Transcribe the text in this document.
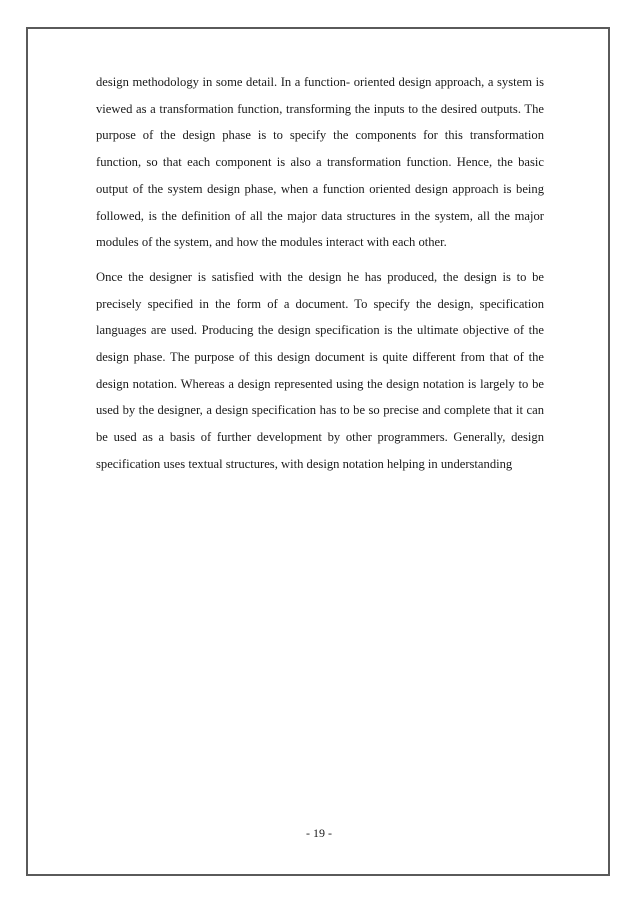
design methodology in some detail. In a function- oriented design approach, a system is viewed as a transformation function, transforming the inputs to the desired outputs. The purpose of the design phase is to specify the components for this transformation function, so that each component is also a transformation function. Hence, the basic output of the system design phase, when a function oriented design approach is being followed, is the definition of all the major data structures in the system, all the major modules of the system, and how the modules interact with each other.

Once the designer is satisfied with the design he has produced, the design is to be precisely specified in the form of a document. To specify the design, specification languages are used. Producing the design specification is the ultimate objective of the design phase. The purpose of this design document is quite different from that of the design notation. Whereas a design represented using the design notation is largely to be used by the designer, a design specification has to be so precise and complete that it can be used as a basis of further development by other programmers. Generally, design specification uses textual structures, with design notation helping in understanding

- 19 -
